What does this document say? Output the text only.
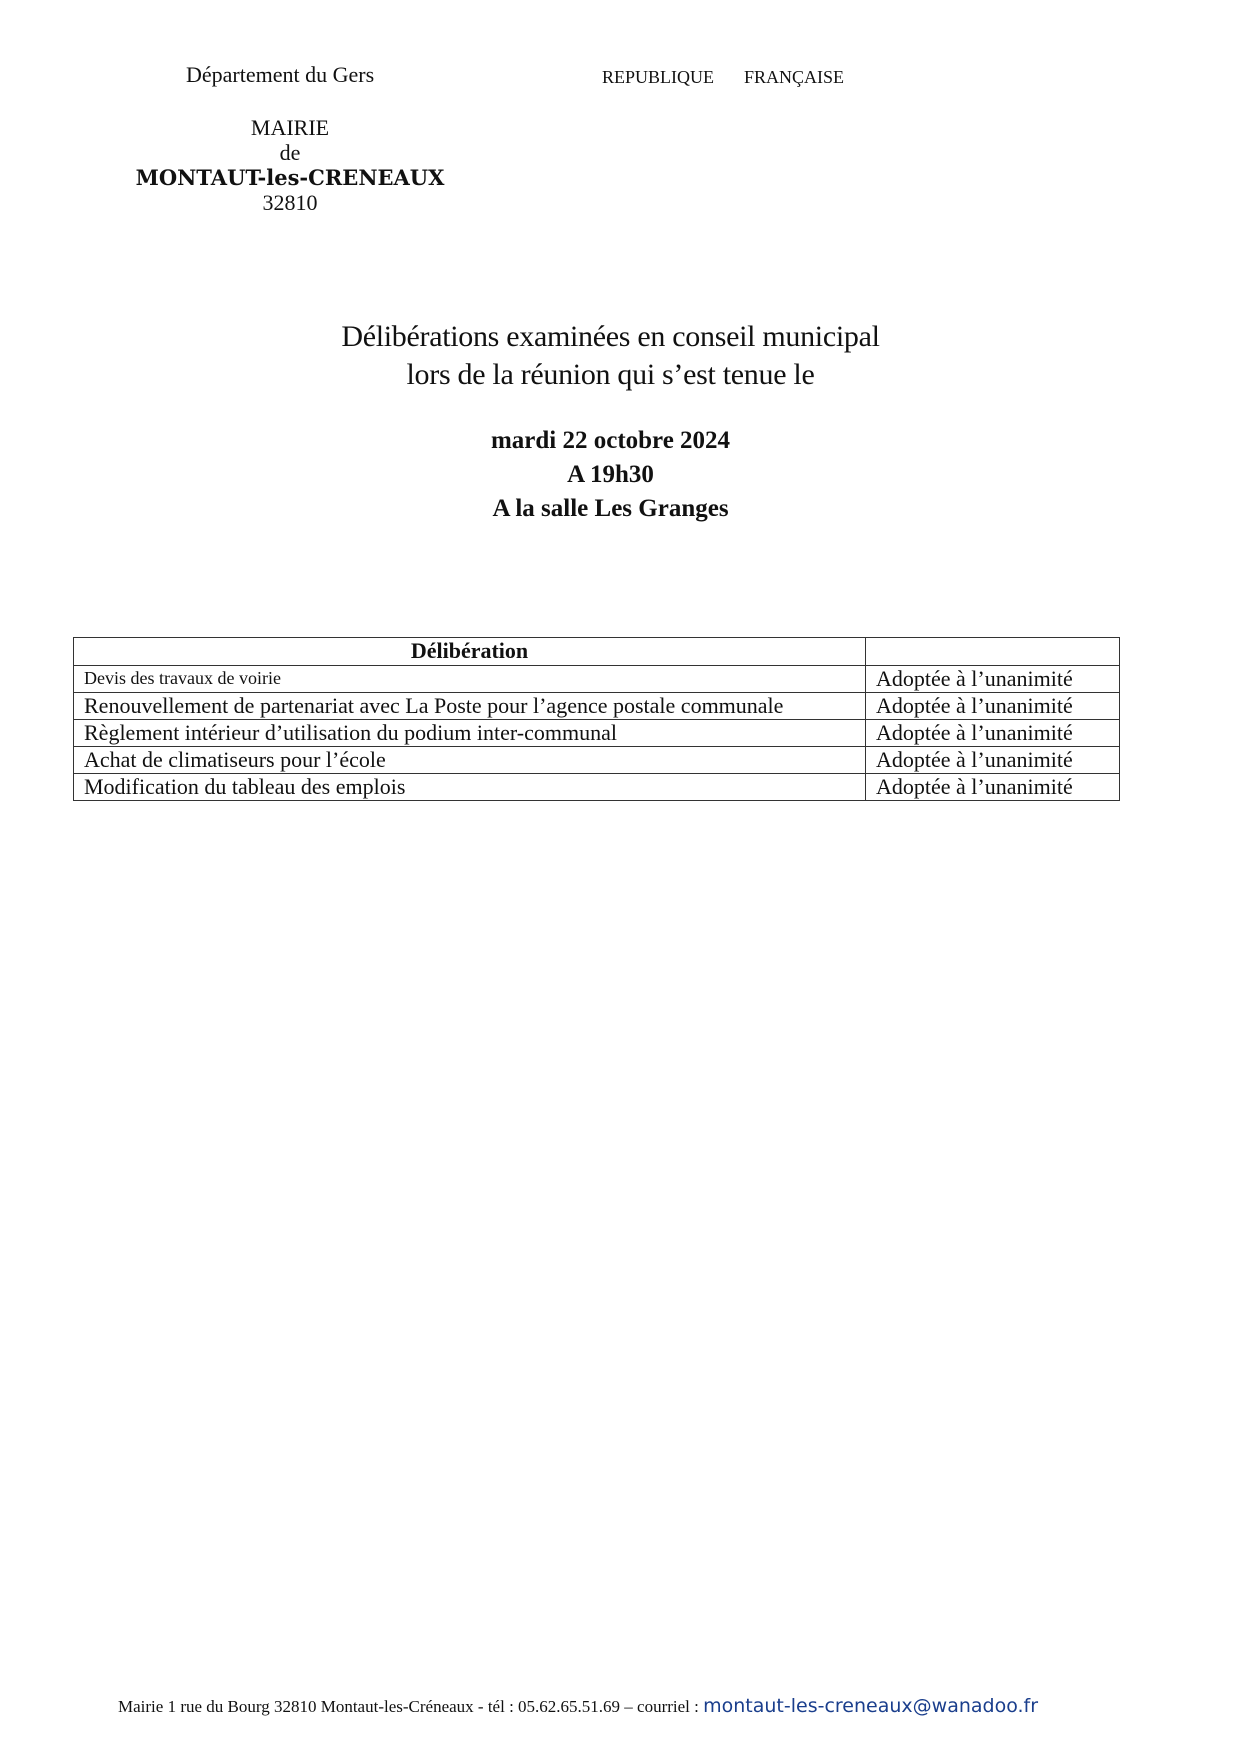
Département du Gers	REPUBLIQUE FRANÇAISE
MAIRIE
de
MONTAUT-les-CRENEAUX
32810
Délibérations examinées en conseil municipal
lors de la réunion qui s’est tenue le
mardi 22 octobre 2024
A 19h30
A la salle Les Granges
Délibération	
Devis des travaux de voirie	Adoptée à l’unanimité
Renouvellement de partenariat avec La Poste pour l’agence postale communale	Adoptée à l’unanimité
Règlement intérieur d’utilisation du podium inter-communal	Adoptée à l’unanimité
Achat de climatiseurs pour l’école	Adoptée à l’unanimité
Modification du tableau des emplois	Adoptée à l’unanimité
Mairie 1 rue du Bourg 32810 Montaut-les-Créneaux - tél : 05.62.65.51.69 – courriel : montaut-les-creneaux@wanadoo.fr
